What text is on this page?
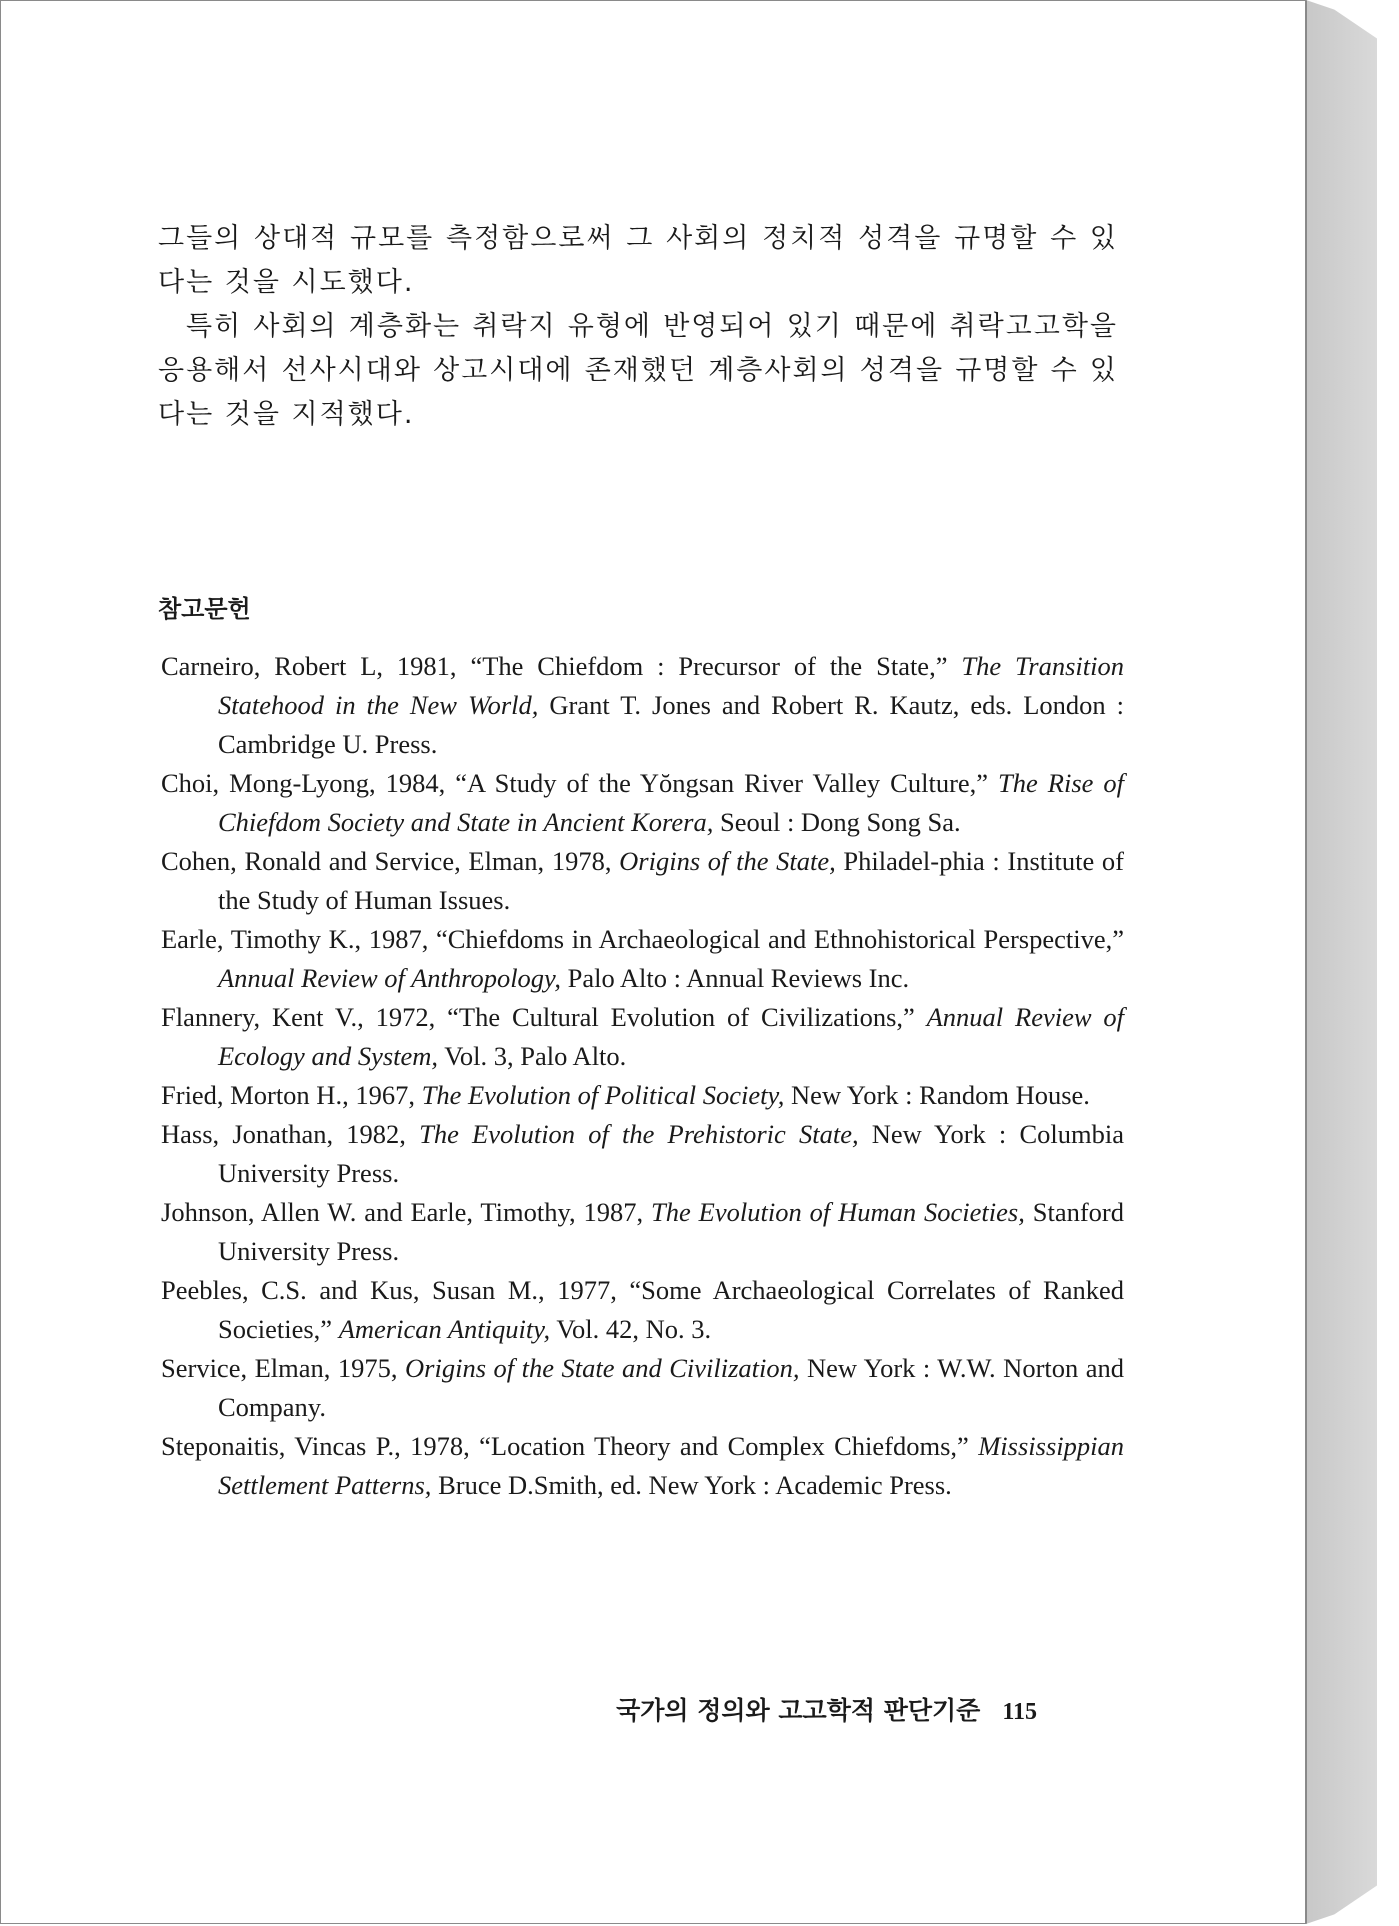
그들의 상대적 규모를 측정함으로써 그 사회의 정치적 성격을 규명할 수 있다는 것을 시도했다.

특히 사회의 계층화는 취락지 유형에 반영되어 있기 때문에 취락고고학을 응용해서 선사시대와 상고시대에 존재했던 계층사회의 성격을 규명할 수 있다는 것을 지적했다.

참고문헌

Carneiro, Robert L, 1981, “The Chiefdom : Precursor of the State,” The Transition Statehood in the New World, Grant T. Jones and Robert R. Kautz, eds. London : Cambridge U. Press.

Choi, Mong-Lyong, 1984, “A Study of the Yŏngsan River Valley Culture,” The Rise of Chiefdom Society and State in Ancient Korera, Seoul : Dong Song Sa.

Cohen, Ronald and Service, Elman, 1978, Origins of the State, Philadel-phia : Institute of the Study of Human Issues.

Earle, Timothy K., 1987, “Chiefdoms in Archaeological and Ethnohistorical Perspective,” Annual Review of Anthropology, Palo Alto : Annual Reviews Inc.

Flannery, Kent V., 1972, “The Cultural Evolution of Civilizations,” Annual Review of Ecology and System, Vol. 3, Palo Alto.

Fried, Morton H., 1967, The Evolution of Political Society, New York : Random House.

Hass, Jonathan, 1982, The Evolution of the Prehistoric State, New York : Columbia University Press.

Johnson, Allen W. and Earle, Timothy, 1987, The Evolution of Human Societies, Stanford University Press.

Peebles, C.S. and Kus, Susan M., 1977, “Some Archaeological Correlates of Ranked Societies,” American Antiquity, Vol. 42, No. 3.

Service, Elman, 1975, Origins of the State and Civilization, New York : W.W. Norton and Company.

Steponaitis, Vincas P., 1978, “Location Theory and Complex Chiefdoms,” Mississippian Settlement Patterns, Bruce D.Smith, ed. New York : Academic Press.

국가의 정의와 고고학적 판단기준 115
